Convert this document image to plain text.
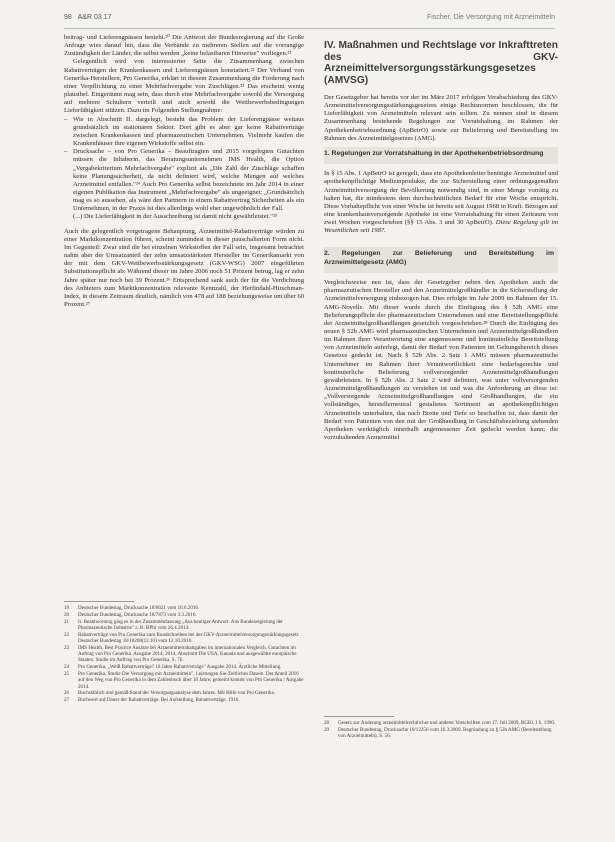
98 A&R 03 17	Fischer, Die Versorgung mit Arzneimitteln

beitrag- und Lieferengpässen besteht.²⁰ Die Antwort der Bundesregierung auf die Große Anfrage wies darauf hin, dass die Verbände zu mehreren Stellen auf die vorrangige Zuständigkeit der Länder, die selbst werden „keine belastbaren Hinweise" vorliegen.²¹

Gelegentlich wird von interessierter Seite die Zusammenhang zwischen Rabattverträgen der Krankenkassen und Lieferengpässen konstatiert.²² Der Verband von Generika-Herstellern, Pro Generika, erklärt in diesem Zusammenhang die Forderung nach einer Verpflichtung zu einer Mehrfachvergabe von Zuschlägen.²³ Das erscheint wenig plausibel. Eingeräumt mag sein, dass durch eine Mehrfachvergabe sowohl die Versorgung auf mehrere Schultern verteilt und auch sowohl die Wettbewerbsbedingungen Lieferfähigkeit stützen. Dazu im Folgenden Stellungnahme:

– Wie in Abschnitt II. dargelegt, besteht das Problem der Lieferengpässe weitaus grundsätzlich im stationären Sektor. Dort gibt es aber gar keine Rabattverträge zwischen Krankenkassen und pharmazeutischen Unternehmen. Vielmehr kaufen die Krankenhäuser ihre eigenen Wirkstoffe selbst ein.
– Drucksache – von Pro Generika – Beauftragten und 2015 vorgelegten Gutachten müssen die Inhaberin, das Beratungsunternehmen IMS Health, die Option „Vergabekriterium Mehrfachvergabe" explizit als „Die Zahl der Zuschläge schaffen keine Planungssicherheit, da nicht definiert wird, welche Mengen auf welches Arzneimittel entfallen."²⁴ Auch Pro Generika selbst bezeichnete im Jahr 2014 in einer eigenen Publikation das Instrument „Mehrfachvergabe" als ungeeignet: „Grundsätzlich mag es so aussehen, als wäre den Partnern in einem Rabattvertrag Sicherheiten als ein Unternehmen, in der Praxis ist dies allerdings wohl eher ungewöhnlich der Fall.

(...) Die Lieferfähigkeit in der Ausschreibung ist damit nicht gewährleistet."²⁵

Auch die gelegentlich vorgetragene Behauptung, Arzneimittel-Rabattverträge würden zu einer Marktkonzentration führen, scheint zumindest in dieser pauschalierten Form nicht. Im Gegenteil: Zwar sind die bei einzelnen Wirkstoffen der Fall sein, insgesamt betrachtet nahm aber der Umsatzanteil der zehn umsatzstärksten Hersteller im Generikamarkt von der mit dem GKV-Wettbewerbsstärkungsgesetz (GKV-WSG) 2007 eingeführten Substitutionspflicht ab: Während dieser im Jahre 2006 noch 51 Prozent betrug, lag er zehn Jahre später nur noch bei 39 Prozent.²⁶ Entsprechend sank auch der für die Verdichtung des Anbieters zum Marktkonzentration relevante Kennzahl, der Herfindahl-Hirschman-Index, in diesem Zeitraum deutlich, nämlich von 478 auf 188 beziehungsweise um über 60 Prozent.²⁷

19 Deutscher Bundestag, Drucksache 18/6621 vom 10.6.2016.
20 Deutscher Bundestag, Drucksache 18/7873 vom 3.3.2016.
21 Ir. Beantwortung ging es in der Zusammenfassung „Aus heutiger Antwort. Aus Bundesregierung der Pharmazeutische Industrie" z. B. BPhl vom 26.4.2013.
22 Rabattverträge von Pro Generika zum Rundschreiben bei der GKV-Arzneimittelversorgungsstärkungsgesetz Deutscher Bundestag 18/10208(12.10) vom 12.10.2016.
23 IMS Health, Best Practice Ansätze bei Arzneimittelrabattgaben im internationalen Vergleich. Gutachten im Auftrag von Pro Generika. Ausgabe 2014, 2014, Abschnitt Die USA, Kanada und ausgewählte europäische Staaten. Studie im Auftrag von Pro Generika, S. 76.
24 Pro Generika, „Weiß Rabattverträge? 10 Jahre Rabattverträge" Ausgabe 2014. Ärztliche Mitteilung.
25 Pro Generika, Studie Die Versorgung mit Arzneimitteln", Leistungen Sie-Zeitliches Dasein. Der Anteil 2016 auf den Weg von Pro Generika in dem Zahlenbuch über 10 Jahre; gemeint kommt von Pro Generika / Ausgabe 2014.
26 Buchstäblich und gemäß Stand der Versorgungsanalyse dem Jahres. Mit Hilfe von Pro Generika.
27 Buchwert auf Dauer der Rabattverträge. Bei Aufstellung, Rabattverträge, 1916.
IV. Maßnahmen und Rechtslage vor Inkrafttreten des GKV-Arzneimittelversorgungsstärkungsgesetzes (AMVSG)

Der Gesetzgeber hat bereits vor der im März 2017 erfolgten Verabschiedung des GKV-Arzneimittelversorgungsstärkungsgesetzes einige Rechtsnormen beschlossen, die für Lieferfähigkeit von Arzneimitteln relevant sein sollten. Zu nennen sind in diesem Zusammenhang bestehende Regelungen zur Vorratshaltung im Rahmen der Apothekenbetriebsordnung (ApBetrO) sowie zur Belieferung und Bereitstellung im Rahmen des Arzneimittelgesetzes (AMG).

1. Regelungen zur Vorratshaltung in der Apothekenbetriebsordnung

In § 15 Abs. 1 ApBetrO ist geregelt, dass ein Apothekenleiter benötigte Arzneimittel und apothekenpflichtige Medizinprodukte, die zur Sicherstellung einer ordnungsgemäßen Arzneimittelversorgung der Bevölkerung notwendig sind, in einer Menge vorrätig zu halten hat, die mindestens dem durchschnittlichen Bedarf für eine Woche entspricht. Diese Vorhaltepflicht von einer Woche ist bereits seit August 1968 in Kraft. Bezogen auf eine krankenhausversorgende Apotheke ist eine Vorratshaltung für einen Zeitraum von zwei Wochen vorgeschrieben (§§ 15 Abs. 3 und 30 ApBetrO). Diese Regelung gilt im Wesentlichen seit 1987.

2. Regelungen zur Belieferung und Bereitstellung im Arzneimittelgesetz (AMG)

Vergleichsweise neu ist, dass der Gesetzgeber neben den Apotheken auch die pharmazeutischen Hersteller und den Arzneimittelgroßhändler in die Sicherstellung der Arzneimittelversorgung einbezogen hat. Dies erfolgte im Jahr 2009 im Rahmen der 15. AMG-Novelle. Mit dieser wurde durch die Einfügung des § 52b AMG eine Belieferungspflicht der pharmazeutischen Unternehmen und eine Bereitstellungspflicht der Arzneimittelgroßhandlungen gesetzlich vorgeschrieben.²⁸ Durch die Einfügung des neuen § 52b AMG wird pharmazeutischen Unternehmen und Arzneimittelgroßhändlern im Rahmen ihrer Verantwortung eine angemessene und kontinuierliche Bereitstellung von Arzneimitteln auferlegt, damit der Bedarf von Patienten im Geltungsbereich dieses Gesetzes gedeckt ist. Nach § 52b Abs. 2 Satz 1 AMG müssen pharmazeutische Unternehmer im Rahmen ihrer Verantwortlichkeit eine bedarfsgerechte und kontinuierliche Belieferung vollversorgender Arzneimittelgroßhandlungen gewährleisten. In § 52b Abs. 2 Satz 2 wird definiert, was unter vollversorgenden Arzneimittelgroßhandlungen zu verstehen ist und was die Anforderung an diese ist: „Vollversorgende Arzneimittelgroßhandlungen sind Großhandlungen, die ein vollständiges, herstellerneutral gestaltetes Sortiment an apothekenpflichtigen Arzneimitteln unterhalten, das nach Breite und Tiefe so beschaffen ist, dass damit der Bedarf von Patienten von den mit der Großhandlung in Geschäftsbeziehung stehenden Apotheken werktäglich innerhalb angemessener Zeit gedeckt werden kann; die vorzuhaltenden Arzneimittel

28 Gesetz zur Änderung arzneimittelrechtlicher und anderer Vorschriften vom 17. Juli 2009, BGBl. I S. 1990.
29 Deutscher Bundestag, Drucksache 16/12256 vom 16.3.2009, Begründung zu § 52b AMG (Bereitstellung von Arzneimitteln), S. 56.
